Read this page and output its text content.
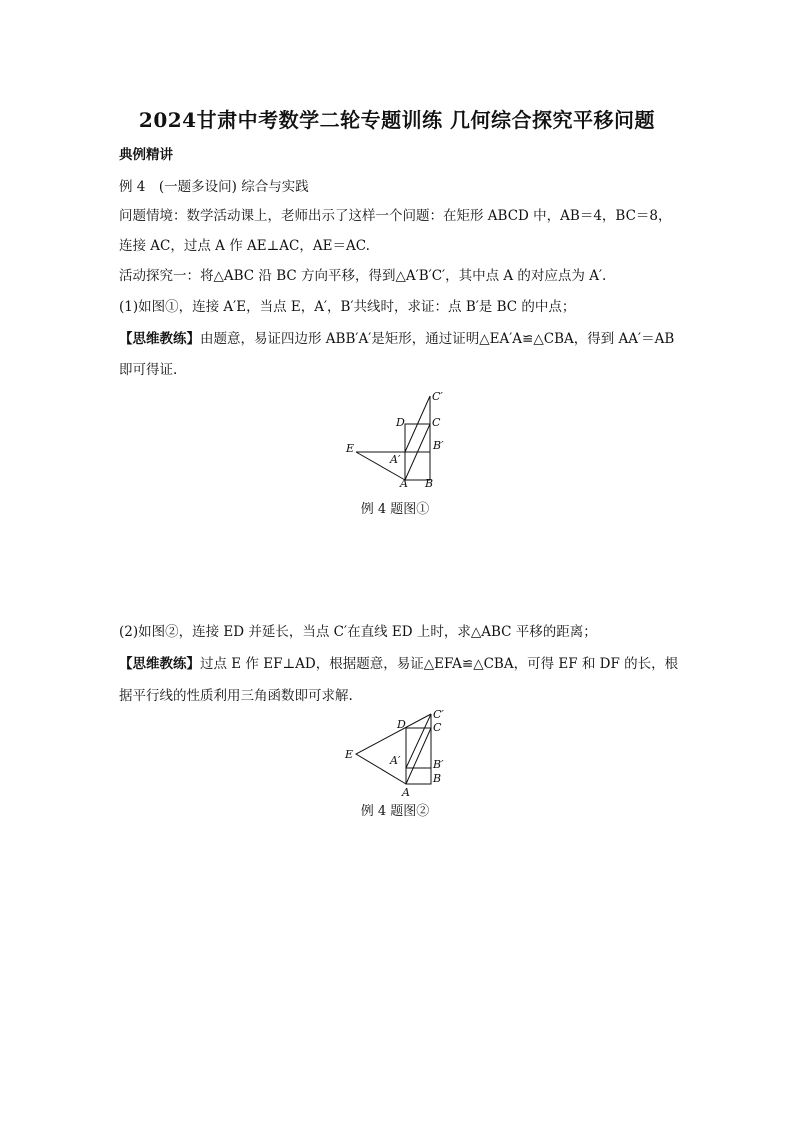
2024甘肃中考数学二轮专题训练 几何综合探究平移问题
典例精讲
例 4　(一题多设问) 综合与实践
问题情境：数学活动课上，老师出示了这样一个问题：在矩形 ABCD 中，AB＝4，BC＝8，
连接 AC，过点 A 作 AE⊥AC，AE＝AC.
活动探究一：将△ABC 沿 BC 方向平移，得到△A′B′C′，其中点 A 的对应点为 A′.
(1)如图①，连接 A′E，当点 E，A′，B′共线时，求证：点 B′是 BC 的中点；
【思维教练】由题意，易证四边形 ABB′A′是矩形，通过证明△EA′A≌△CBA，得到 AA′＝AB
即可得证.
C′
D C
B′
A′
E
A B
例 4 题图①
(2)如图②，连接 ED 并延长，当点 C′在直线 ED 上时，求△ABC 平移的距离；
【思维教练】过点 E 作 EF⊥AD，根据题意，易证△EFA≌△CBA，可得 EF 和 DF 的长，根
据平行线的性质利用三角函数即可求解.
C′
D C
B′
A′
E
A
B
例 4 题图②
